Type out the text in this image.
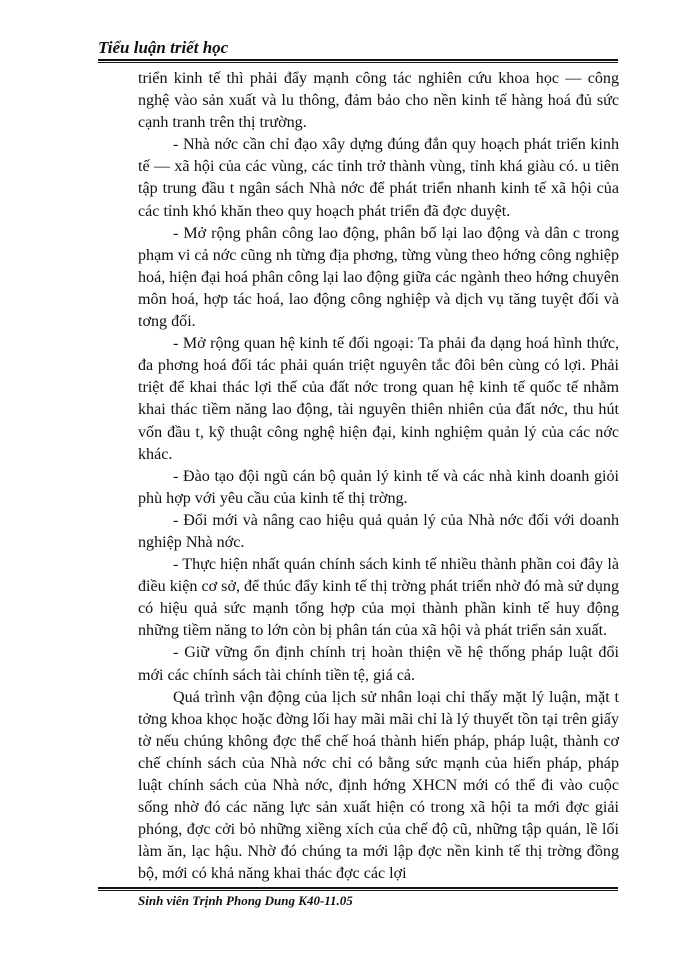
Tiểu luận triết học

triển kinh tế thì phải đẩy mạnh công tác nghiên cứu khoa học — công nghệ vào sản xuất và lu thông, đảm bảo cho nền kinh tế hàng hoá đủ sức cạnh tranh trên thị trường.

- Nhà nớc cần chỉ đạo xây dựng đúng đắn quy hoạch phát triển kinh tế — xã hội của các vùng, các tỉnh trở thành vùng, tỉnh khá giàu có. u tiên tập trung đầu t ngân sách Nhà nớc để phát triển nhanh kinh tế xã hội của các tỉnh khó khăn theo quy hoạch phát triển đã đợc duyệt.

- Mở rộng phân công lao động, phân bố lại lao động và dân c trong phạm vi cả nớc cũng nh từng địa phơng, từng vùng theo hớng công nghiệp hoá, hiện đại hoá phân công lại lao động giữa các ngành theo hớng chuyên môn hoá, hợp tác hoá, lao động công nghiệp và dịch vụ tăng tuyệt đối và tơng đối.

- Mở rộng quan hệ kinh tế đối ngoại: Ta phải đa dạng hoá hình thức, đa phơng hoá đối tác phải quán triệt nguyên tắc đôi bên cùng có lợi. Phải triệt để khai thác lợi thế của đất nớc trong quan hệ kinh tế quốc tế nhằm khai thác tiềm năng lao động, tài nguyên thiên nhiên của đất nớc, thu hút vốn đầu t, kỹ thuật công nghệ hiện đại, kinh nghiệm quản lý của các nớc khác.

- Đào tạo đội ngũ cán bộ quản lý kinh tế và các nhà kinh doanh giỏi phù hợp với yêu cầu của kinh tế thị trờng.

- Đổi mới và nâng cao hiệu quả quản lý của Nhà nớc đối với doanh nghiệp Nhà nớc.

- Thực hiện nhất quán chính sách kinh tế nhiều thành phần coi đây là điều kiện cơ sở, để thúc đẩy kinh tế thị trờng phát triển nhờ đó mà sử dụng có hiệu quả sức mạnh tổng hợp của mọi thành phần kinh tế huy động những tiềm năng to lớn còn bị phân tán của xã hội và phát triển sản xuất.

- Giữ vững ổn định chính trị hoàn thiện về hệ thống pháp luật đổi mới các chính sách tài chính tiền tệ, giá cả.

Quá trình vận động của lịch sử nhân loại chỉ thấy mặt lý luận, mặt t tởng khoa khọc hoặc đờng lối hay mãi mãi chỉ là lý thuyết tồn tại trên giấy tờ nếu chúng không đợc thể chế hoá thành hiến pháp, pháp luật, thành cơ chế chính sách của Nhà nớc chỉ có bằng sức mạnh của hiến pháp, pháp luật chính sách của Nhà nớc, định hớng XHCN mới có thể đi vào cuộc sống nhờ đó các năng lực sản xuất hiện có trong xã hội ta mới đợc giải phóng, đợc cởi bỏ những xiềng xích của chế độ cũ, những tập quán, lề lối làm ăn, lạc hậu. Nhờ đó chúng ta mới lập đợc nền kinh tế thị trờng đồng bộ, mới có khả năng khai thác đợc các lợi

Sinh viên Trịnh Phong Dung K40-11.05
